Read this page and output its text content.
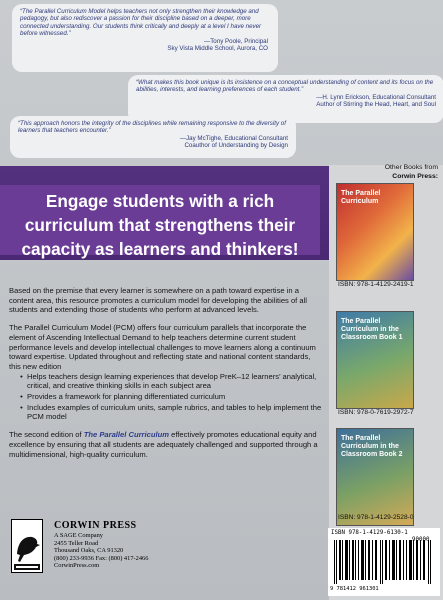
“The Parallel Curriculum Model helps teachers not only strengthen their knowledge and pedagogy, but also rediscover a passion for their discipline based on a deeper, more connected understanding. Our students think critically and deeply at a level I have never before witnessed.”
—Tony Poole, Principal
Sky Vista Middle School, Aurora, CO
“What makes this book unique is its insistence on a conceptual understanding of content and its focus on the abilities, interests, and learning preferences of each student.”
—H. Lynn Erickson, Educational Consultant
Author of Stirring the Head, Heart, and Soul
“This approach honors the integrity of the disciplines while remaining responsive to the diversity of learners that teachers encounter.”
—Jay McTighe, Educational Consultant
Coauthor of Understanding by Design
Engage students with a rich curriculum that strengthens their capacity as learners and thinkers!
Other Books from
Corwin Press:
The Parallel Curriculum
ISBN: 978-1-4129-2419-1
The Parallel Curriculum in the Classroom Book 1
ISBN: 978-0-7619-2972-7
The Parallel Curriculum in the Classroom Book 2
ISBN: 978-1-4129-2528-0

Based on the premise that every learner is somewhere on a path toward expertise in a content area, this resource promotes a curriculum model for developing the abilities of all students and extending those of students who perform at advanced levels.

The Parallel Curriculum Model (PCM) offers four curriculum parallels that incorporate the element of Ascending Intellectual Demand to help teachers determine current student performance levels and develop intellectual challenges to move learners along a continuum toward expertise. Updated throughout and reflecting state and national content standards, this new edition

• Helps teachers design learning experiences that develop PreK–12 learners’ analytical, critical, and creative thinking skills in each subject area
• Provides a framework for planning differentiated curriculum
• Includes examples of curriculum units, sample rubrics, and tables to help implement the PCM model

The second edition of The Parallel Curriculum effectively promotes educational equity and excellence by ensuring that all students are adequately challenged and supported through a multidimensional, high-quality curriculum.

CORWIN PRESS
A SAGE Company
2455 Teller Road
Thousand Oaks, CA 91320
(800) 233-9936 Fax: (800) 417-2466
CorwinPress.com
ISBN 978-1-4129-6130-1
9 781412 961301
